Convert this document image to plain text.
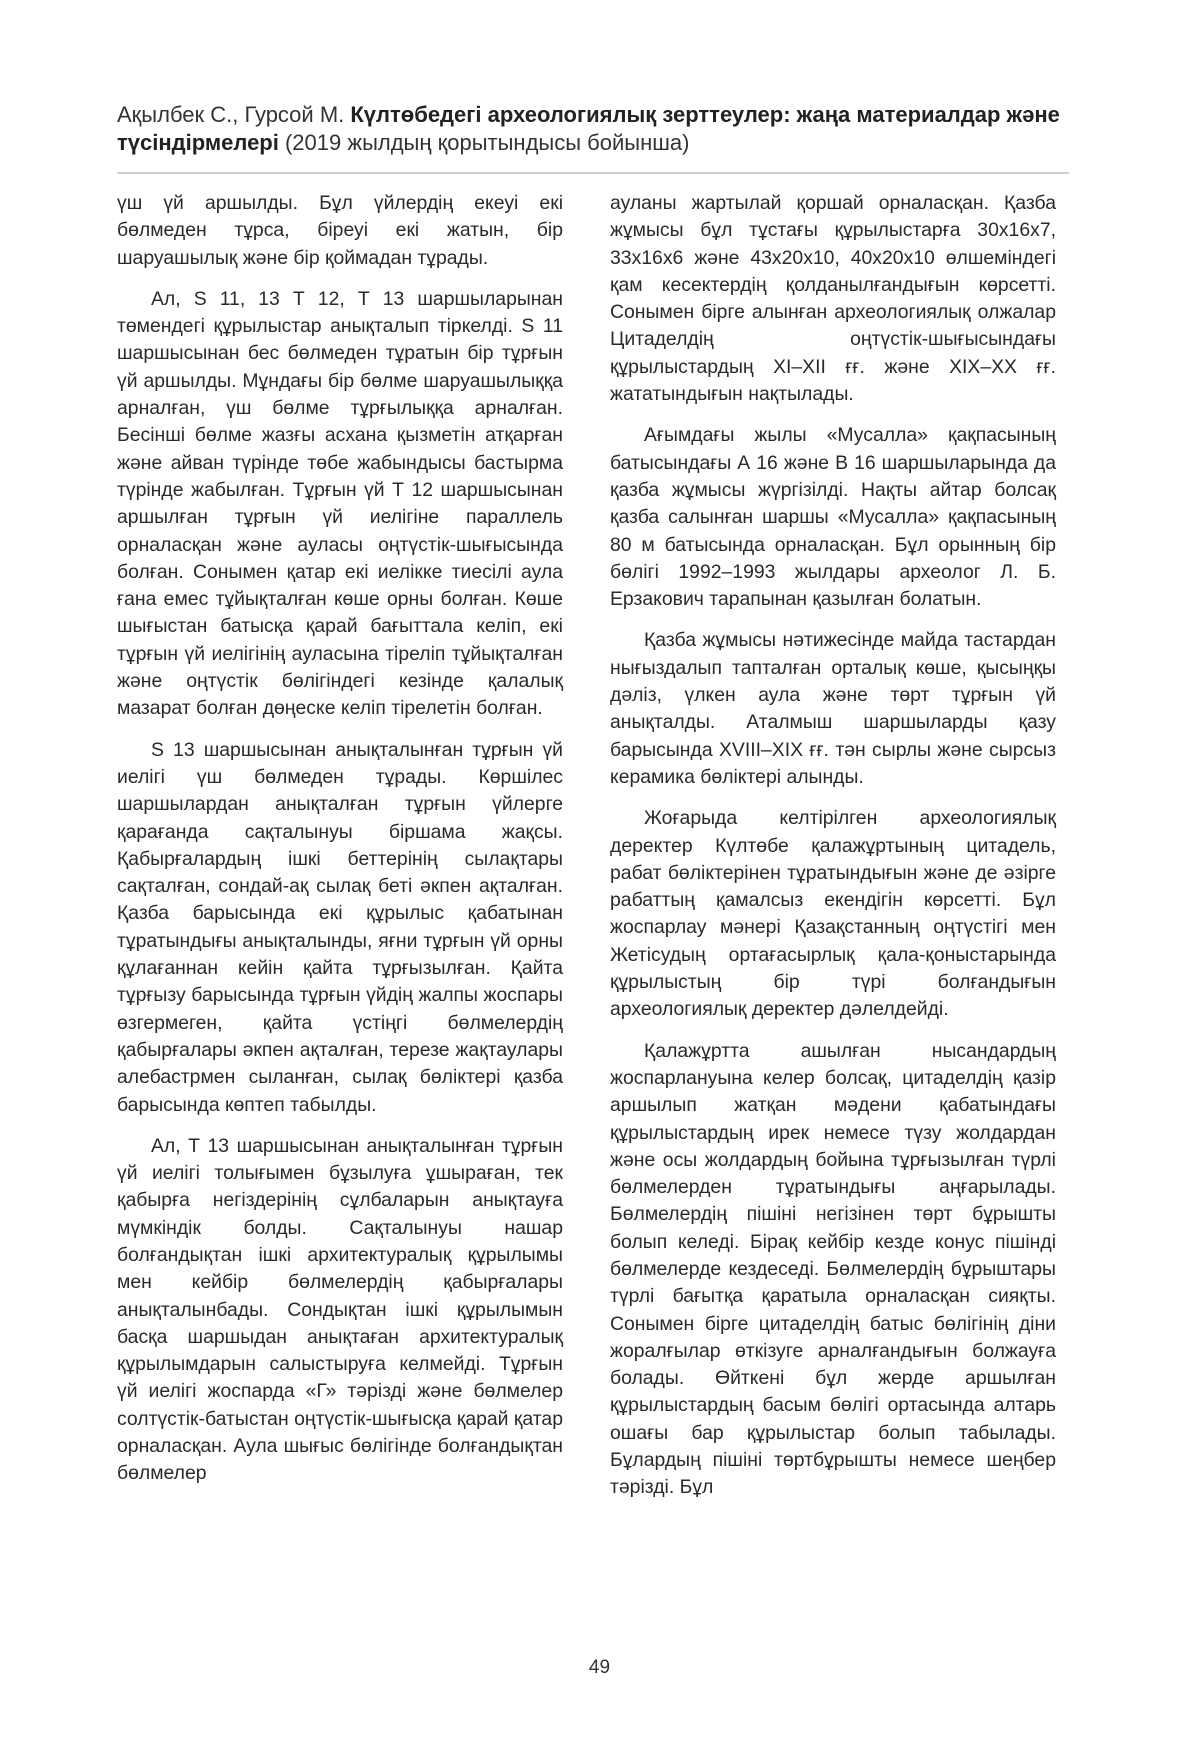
Ақылбек С., Гурсой М. Күлтөбедегі археологиялық зерттеулер: жаңа материалдар және түсіндірмелері (2019 жылдың қорытындысы бойынша)

үш үй аршылды. Бұл үйлердің екеуі екі бөлмеден тұрса, біреуі екі жатын, бір шаруашылық және бір қоймадан тұрады.

Ал, S 11, 13 Т 12, Т 13 шаршыларынан төмендегі құрылыстар анықталып тіркелді. S 11 шаршысынан бес бөлмеден тұратын бір тұрғын үй аршылды. Мұндағы бір бөлме шаруашылыққа арналған, үш бөлме тұрғылыққа арналған. Бесінші бөлме жазғы асхана қызметін атқарған және айван түрінде төбе жабындысы бастырма түрінде жабылған. Тұрғын үй Т 12 шаршысынан аршылған тұрғын үй иелігіне параллель орналасқан және ауласы оңтүстік-шығысында болған. Сонымен қатар екі иелікке тиесілі аула ғана емес тұйықталған көше орны болған. Көше шығыстан батысқа қарай бағыттала келіп, екі тұрғын үй иелігінің ауласына тіреліп тұйықталған және оңтүстік бөлігіндегі кезінде қалалық мазарат болған дөңеске келіп тірелетін болған.

S 13 шаршысынан анықталынған тұрғын үй иелігі үш бөлмеден тұрады. Көршілес шаршылардан анықталған тұрғын үйлерге қарағанда сақталынуы біршама жақсы. Қабырғалардың ішкі беттерінің сылақтары сақталған, сондай-ақ сылақ беті әкпен ақталған. Қазба барысында екі құрылыс қабатынан тұратындығы анықталынды, яғни тұрғын үй орны құлағаннан кейін қайта тұрғызылған. Қайта тұрғызу барысында тұрғын үйдің жалпы жоспары өзгермеген, қайта үстіңгі бөлмелердің қабырғалары әкпен ақталған, терезе жақтаулары алебастрмен сыланған, сылақ бөліктері қазба барысында көптеп табылды.

Ал, Т 13 шаршысынан анықталынған тұрғын үй иелігі толығымен бұзылуға ұшыраған, тек қабырға негіздерінің сұлбаларын анықтауға мүмкіндік болды. Сақталынуы нашар болғандықтан ішкі архитектуралық құрылымы мен кейбір бөлмелердің қабырғалары анықталынбады. Сондықтан ішкі құрылымын басқа шаршыдан анықтаған архитектуралық құрылымдарын салыстыруға келмейді. Тұрғын үй иелігі жоспарда «Г» тәрізді және бөлмелер солтүстік-батыстан оңтүстік-шығысқа қарай қатар орналасқан. Аула шығыс бөлігінде болғандықтан бөлмелер

ауланы жартылай қоршай орналасқан. Қазба жұмысы бұл тұстағы құрылыстарға 30х16х7, 33х16х6 және 43х20х10, 40х20х10 өлшеміндегі қам кесектердің қолданылғандығын көрсетті. Сонымен бірге алынған археологиялық олжалар Цитаделдің оңтүстік-шығысындағы құрылыстардың XI–XII ғғ. және XIX–XX ғғ. жататындығын нақтылады.

Ағымдағы жылы «Мусалла» қақпасының батысындағы А 16 және В 16 шаршыларында да қазба жұмысы жүргізілді. Нақты айтар болсақ қазба салынған шаршы «Мусалла» қақпасының 80 м батысында орналасқан. Бұл орынның бір бөлігі 1992–1993 жылдары археолог Л. Б. Ерзакович тарапынан қазылған болатын.

Қазба жұмысы нәтижесінде майда тастардан нығыздалып тапталған орталық көше, қысыңқы дәліз, үлкен аула және төрт тұрғын үй анықталды. Аталмыш шаршыларды қазу барысында XVIII–XIX ғғ. тән сырлы және сырсыз керамика бөліктері алынды.

Жоғарыда келтірілген археологиялық деректер Күлтөбе қалажұртының цитадель, рабат бөліктерінен тұратындығын және де әзірге рабаттың қамалсыз екендігін көрсетті. Бұл жоспарлау мәнері Қазақстанның оңтүстігі мен Жетісудың ортағасырлық қала-қоныстарында құрылыстың бір түрі болғандығын археологиялық деректер дәлелдейді.

Қалажұртта ашылған нысандардың жоспарлануына келер болсақ, цитаделдің қазір аршылып жатқан мәдени қабатындағы құрылыстардың ирек немесе түзу жолдардан және осы жолдардың бойына тұрғызылған түрлі бөлмелерден тұратындығы аңғарылады. Бөлмелердің пішіні негізінен төрт бұрышты болып келеді. Бірақ кейбір кезде конус пішінді бөлмелерде кездеседі. Бөлмелердің бұрыштары түрлі бағытқа қаратыла орналасқан сияқты. Сонымен бірге цитаделдің батыс бөлігінің діни жоралғылар өткізуге арналғандығын болжауға болады. Өйткені бұл жерде аршылған құрылыстардың басым бөлігі ортасында алтарь ошағы бар құрылыстар болып табылады. Бұлардың пішіні төртбұрышты немесе шеңбер тәрізді. Бұл

49
